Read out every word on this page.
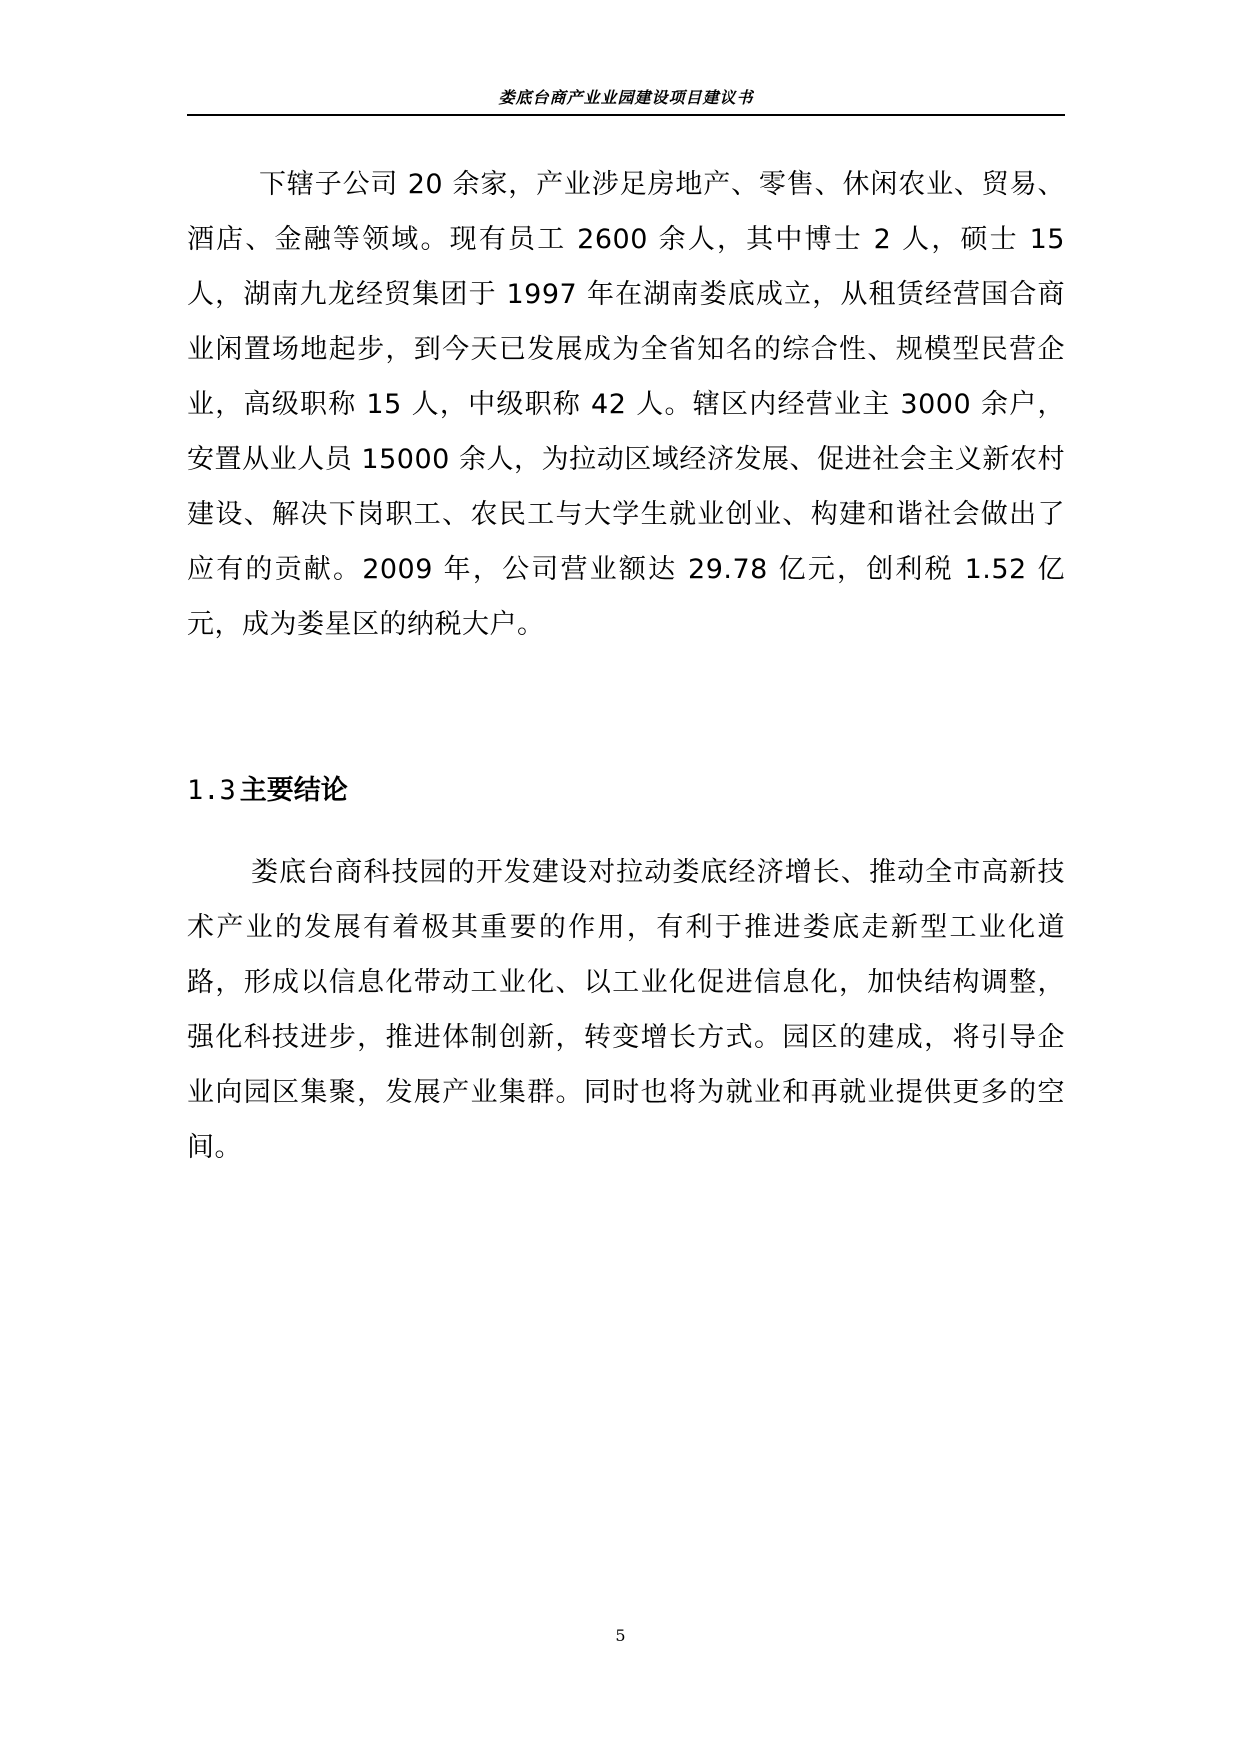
娄底台商产业业园建设项目建议书

下辖子公司 20 余家，产业涉足房地产、零售、休闲农业、贸易、酒店、金融等领域。现有员工 2600 余人，其中博士 2 人，硕士 15 人，湖南九龙经贸集团于 1997 年在湖南娄底成立，从租赁经营国合商业闲置场地起步，到今天已发展成为全省知名的综合性、规模型民营企业，高级职称 15 人，中级职称 42 人。辖区内经营业主 3000 余户，安置从业人员 15000 余人，为拉动区域经济发展、促进社会主义新农村建设、解决下岗职工、农民工与大学生就业创业、构建和谐社会做出了应有的贡献。2009 年，公司营业额达 29.78 亿元，创利税 1.52 亿元，成为娄星区的纳税大户。

1.3 主要结论

娄底台商科技园的开发建设对拉动娄底经济增长、推动全市高新技术产业的发展有着极其重要的作用，有利于推进娄底走新型工业化道路，形成以信息化带动工业化、以工业化促进信息化，加快结构调整，强化科技进步，推进体制创新，转变增长方式。园区的建成，将引导企业向园区集聚，发展产业集群。同时也将为就业和再就业提供更多的空间。

5
